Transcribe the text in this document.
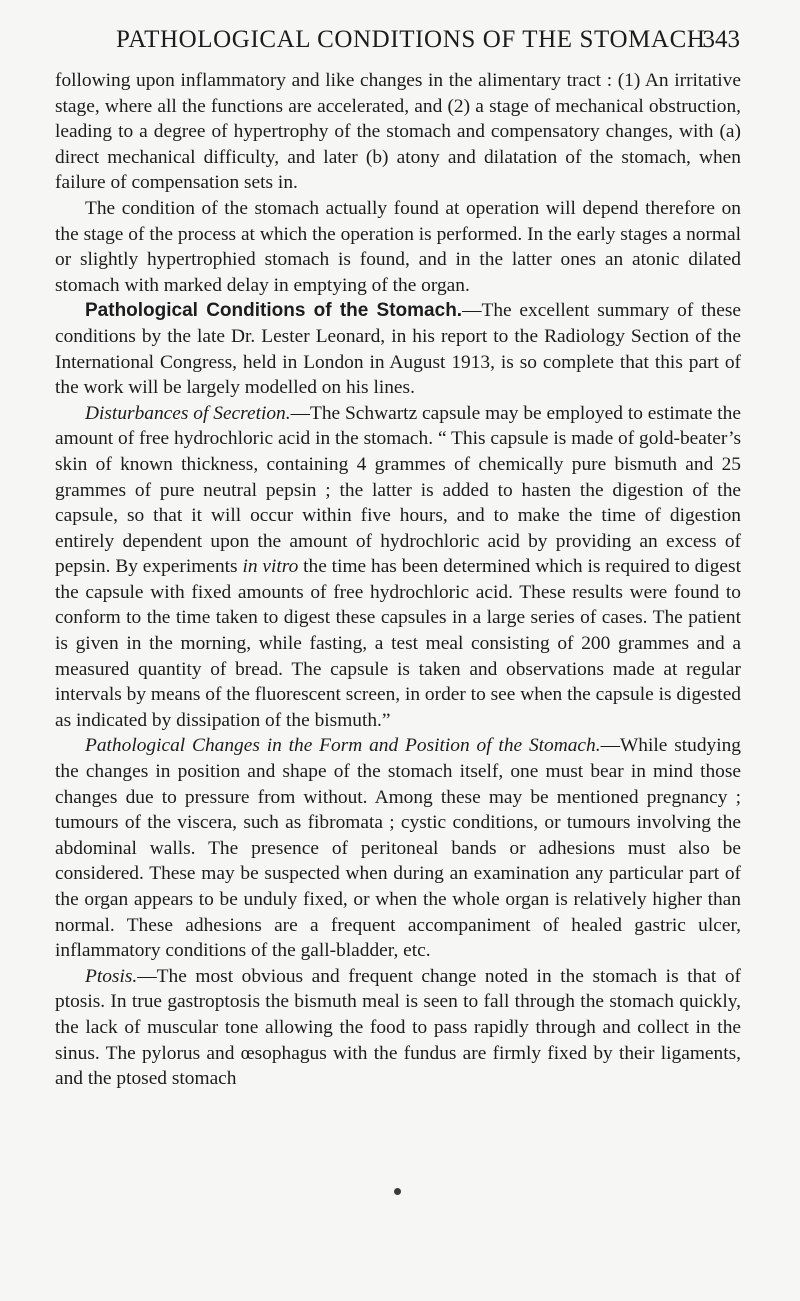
PATHOLOGICAL CONDITIONS OF THE STOMACH
343

following upon inflammatory and like changes in the alimentary tract : (1) An irritative stage, where all the functions are accelerated, and (2) a stage of mechanical obstruction, leading to a degree of hypertrophy of the stomach and compensatory changes, with (a) direct mechanical difficulty, and later (b) atony and dilatation of the stomach, when failure of compensation sets in.

The condition of the stomach actually found at operation will depend therefore on the stage of the process at which the operation is performed. In the early stages a normal or slightly hypertrophied stomach is found, and in the latter ones an atonic dilated stomach with marked delay in emptying of the organ.

Pathological Conditions of the Stomach.—The excellent summary of these conditions by the late Dr. Lester Leonard, in his report to the Radiology Section of the International Congress, held in London in August 1913, is so complete that this part of the work will be largely modelled on his lines.

Disturbances of Secretion.—The Schwartz capsule may be employed to estimate the amount of free hydrochloric acid in the stomach. “ This capsule is made of gold-beater’s skin of known thickness, containing 4 grammes of chemically pure bismuth and 25 grammes of pure neutral pepsin ; the latter is added to hasten the digestion of the capsule, so that it will occur within five hours, and to make the time of digestion entirely dependent upon the amount of hydrochloric acid by providing an excess of pepsin. By experiments in vitro the time has been determined which is required to digest the capsule with fixed amounts of free hydrochloric acid. These results were found to conform to the time taken to digest these capsules in a large series of cases. The patient is given in the morning, while fasting, a test meal consisting of 200 grammes and a measured quantity of bread. The capsule is taken and observations made at regular intervals by means of the fluorescent screen, in order to see when the capsule is digested as indicated by dissipation of the bismuth.”

Pathological Changes in the Form and Position of the Stomach.—While studying the changes in position and shape of the stomach itself, one must bear in mind those changes due to pressure from without. Among these may be mentioned pregnancy ; tumours of the viscera, such as fibromata ; cystic conditions, or tumours involving the abdominal walls. The presence of peritoneal bands or adhesions must also be considered. These may be suspected when during an examination any particular part of the organ appears to be unduly fixed, or when the whole organ is relatively higher than normal. These adhesions are a frequent accompaniment of healed gastric ulcer, inflammatory conditions of the gall-bladder, etc.

Ptosis.—The most obvious and frequent change noted in the stomach is that of ptosis. In true gastroptosis the bismuth meal is seen to fall through the stomach quickly, the lack of muscular tone allowing the food to pass rapidly through and collect in the sinus. The pylorus and œsophagus with the fundus are firmly fixed by their ligaments, and the ptosed stomach
